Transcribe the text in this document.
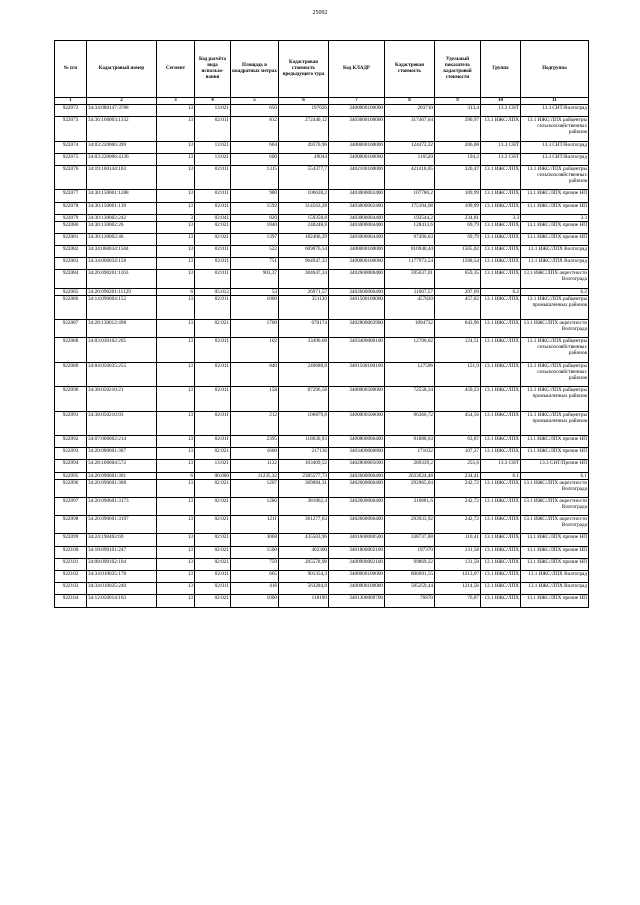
25092
№ п/п	Кадастровый номер	Сегмент	Код расчёта вида использо-вания	Площадь в квадратных метрах	Кадастровая стоимость предыдущего тура	Код КЛАДР	Кадастровая стоимость	Удельный показатель кадастровой стоимости	Группа	Подгруппа
1	2	3	4	5	6	7	8	9	10	11
922072	34:34:080147:3788	13	13:021	650	197626	3400000100000	203710	313,4	13.3 СНТ	13.3 СНТ/Волгоград
922073	34:36:160003:1332	13	02:011	812	272440,12	3403600100000	317467,64	390,97	13.1 ИЖС/ЛПХ	13.1 ИЖС/ЛПХ райцентры сельскохозяйственных районов
922074	34:03:220006:399	13	13:021	604	49370,96	3400000100000	124472,32	206,08	13.3 СНТ	13.3 СНТ/Волгоград
922075	34:03:220006:4136	13	13:021	600	49044	3400000100000	116520	194,2	13.3 СНТ	13.3 СНТ/Волгоград
922076	34:19:100144:103	13	02:011	1315	554377,7	3402100100000	421418,05	320,47	13.1 ИЖС/ЛПХ	13.1 ИЖС/ЛПХ райцентры сельскохозяйственных районов
922077	34:30:150001:1288	13	02:011	980	106638,2	3403000002400	107780,2	109,99	13.1 ИЖС/ЛПХ	13.1 ИЖС/ЛПХ прочие НП
922078	34:30:150001:130	13	02:011	1592	314563,28	3403000002400	175104,08	109,99	13.1 ИЖС/ЛПХ	13.1 ИЖС/ЛПХ прочие НП
922079	34:30:130002:242	3	03:041	820	159358,8	3403000004400	192544,2	234,81	3.3	3.3
922080	34:30:130002:26	13	02:021	1840	240248,8	3403000004400	128413,6	69,79	13.1 ИЖС/ЛПХ	13.1 ИЖС/ЛПХ прочие НП
922081	34:30:130002:46	13	02:021	1397	182406,29	3403000004400	97496,63	69,79	13.1 ИЖС/ЛПХ	13.1 ИЖС/ЛПХ прочие НП
922082	34:34:060034:1504	13	02:011	522	669076,54	3400000100000	816940,44	1565,02	13.1 ИЖС/ЛПХ	13.1 ИЖС/ЛПХ Волгоград
922083	34:34:060034:158	13	02:011	751	964947,33	3400000100000	1177973,54	1568,54	13.1 ИЖС/ЛПХ	13.1 ИЖС/ЛПХ Волгоград
922084	34:26:090201:1163	13	02:011	903,37	304047,24	3402600000400	595637,01	659,35	13.1 ИЖС/ЛПХ	13.1 ИЖС/ЛПХ окрестности Волгограда
922085	34:26:090201:11129	6	05:012	53	26971,57	3402600000400	11007,57	207,69	6.2	6.2
922086	34:14:090004:152	13	02:011	1000	351130	3401500100000	457820	457,82	13.1 ИЖС/ЛПХ	13.1 ИЖС/ЛПХ райцентры промышленных районов
922087	34:28:130012:498	13	02:021	1700	670174	3402800003900	1094732	643,96	13.1 ИЖС/ЛПХ	13.1 ИЖС/ЛПХ окрестности Волгограда
922088	34:03:030102:205	13	02:011	102	33490,68	3403400000100	12700,02	124,51	13.1 ИЖС/ЛПХ	13.1 ИЖС/ЛПХ райцентры сельскохозяйственных районов
922089	34:04:050035:255	13	02:011	840	240688,8	3401500100100	127596	151,9	13.1 ИЖС/ЛПХ	13.1 ИЖС/ЛПХ райцентры сельскохозяйственных районов
922090	34:38:050210:21	13	02:011	158	87296,58	3400000500000	72558,34	459,23	13.1 ИЖС/ЛПХ	13.1 ИЖС/ЛПХ райцентры промышленных районов
922091	34:38:050210:93	13	02:011	212	106879,8	3400000500000	96366,72	454,56	13.1 ИЖС/ЛПХ	13.1 ИЖС/ЛПХ райцентры промышленных районов
922092	34:07:060002:214	13	02:011	2395	118030,93	3400800000400	91888,63	63,87	13.1 ИЖС/ЛПХ	13.1 ИЖС/ЛПХ прочие НП
922093	34:20:080001:387	13	02:021	1600	217136	3403400000800	171632	107,27	13.1 ИЖС/ЛПХ	13.1 ИЖС/ЛПХ прочие НП
922094	34:28:160004:572	13	13:021	1132	103409,52	3402800005600	289339,2	255,6	13.3 СНТ	13.3 СНТ/Прочие НП
922095	34:26:090601:301	6	06:000	11235,32	2385577,73	3402600000400	2633624,48	234,41	6.1	6.1
922096	34:26:090601:308	13	02:021	1207	369084,31	3402600000400	292965,04	242,72	13.1 ИЖС/ЛПХ	13.1 ИЖС/ЛПХ окрестности Волгограда
922097	34:26:090601:3173	13	02:021	1280	381862,4	3402600000400	310681,6	242,72	13.1 ИЖС/ЛПХ	13.1 ИЖС/ЛПХ окрестности Волгограда
922098	34:26:090601:3197	13	02:021	1211	361277,63	3402600000400	293933,92	242,72	13.1 ИЖС/ЛПХ	13.1 ИЖС/ЛПХ окрестности Волгограда
922099	34:24:190402:69	13	02:021	3068	435503,96	3401600000500	338737,88	110,41	13.1 ИЖС/ЛПХ	13.1 ИЖС/ЛПХ прочие НП
922100	34:18:090101:247	13	02:021	1500	402300	3401800002100	197370	131,58	13.1 ИЖС/ЛПХ	13.1 ИЖС/ЛПХ прочие НП
922101	34:08:090102:104	13	02:021	759	205578,98	3400900002100	99869,22	131,58	13.1 ИЖС/ЛПХ	13.1 ИЖС/ЛПХ прочие НП
922102	34:34:010035:178	13	02:011	665	901354,3	3400000100000	806691,55	1213,07	13.1 ИЖС/ЛПХ	13.1 ИЖС/ЛПХ Волгоград
922103	34:34:010035:240	13	02:011	416	563284,8	3400000100000	505259,44	1214,56	13.1 ИЖС/ЛПХ	13.1 ИЖС/ЛПХ Волгоград
922104	34:12:050014:163	13	02:021	1000	118190	3401300000700	76870	76,87	13.1 ИЖС/ЛПХ	13.1 ИЖС/ЛПХ прочие НП
